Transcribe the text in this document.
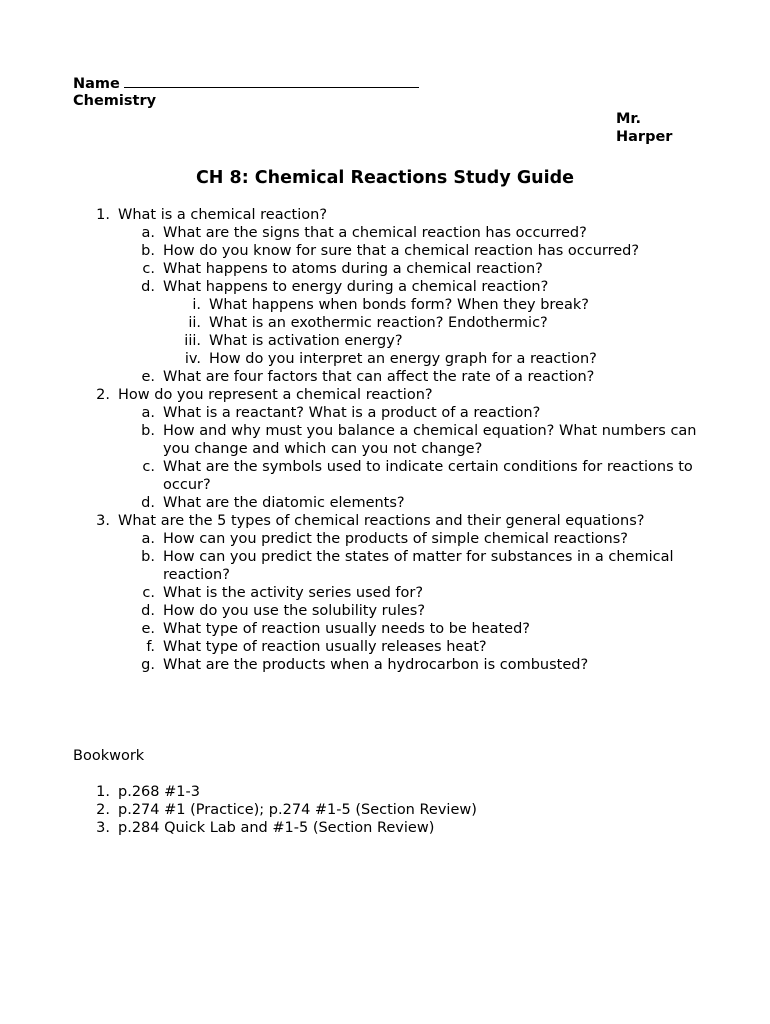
Name
Chemistry
Mr. Harper
CH 8: Chemical Reactions Study Guide
1. What is a chemical reaction?
a. What are the signs that a chemical reaction has occurred?
b. How do you know for sure that a chemical reaction has occurred?
c. What happens to atoms during a chemical reaction?
d. What happens to energy during a chemical reaction?
i. What happens when bonds form? When they break?
ii. What is an exothermic reaction? Endothermic?
iii. What is activation energy?
iv. How do you interpret an energy graph for a reaction?
e. What are four factors that can affect the rate of a reaction?
2. How do you represent a chemical reaction?
a. What is a reactant? What is a product of a reaction?
b. How and why must you balance a chemical equation? What numbers can you change and which can you not change?
c. What are the symbols used to indicate certain conditions for reactions to occur?
d. What are the diatomic elements?
3. What are the 5 types of chemical reactions and their general equations?
a. How can you predict the products of simple chemical reactions?
b. How can you predict the states of matter for substances in a chemical reaction?
c. What is the activity series used for?
d. How do you use the solubility rules?
e. What type of reaction usually needs to be heated?
f. What type of reaction usually releases heat?
g. What are the products when a hydrocarbon is combusted?
Bookwork
1. p.268 #1-3
2. p.274 #1 (Practice); p.274 #1-5 (Section Review)
3. p.284 Quick Lab and #1-5 (Section Review)
